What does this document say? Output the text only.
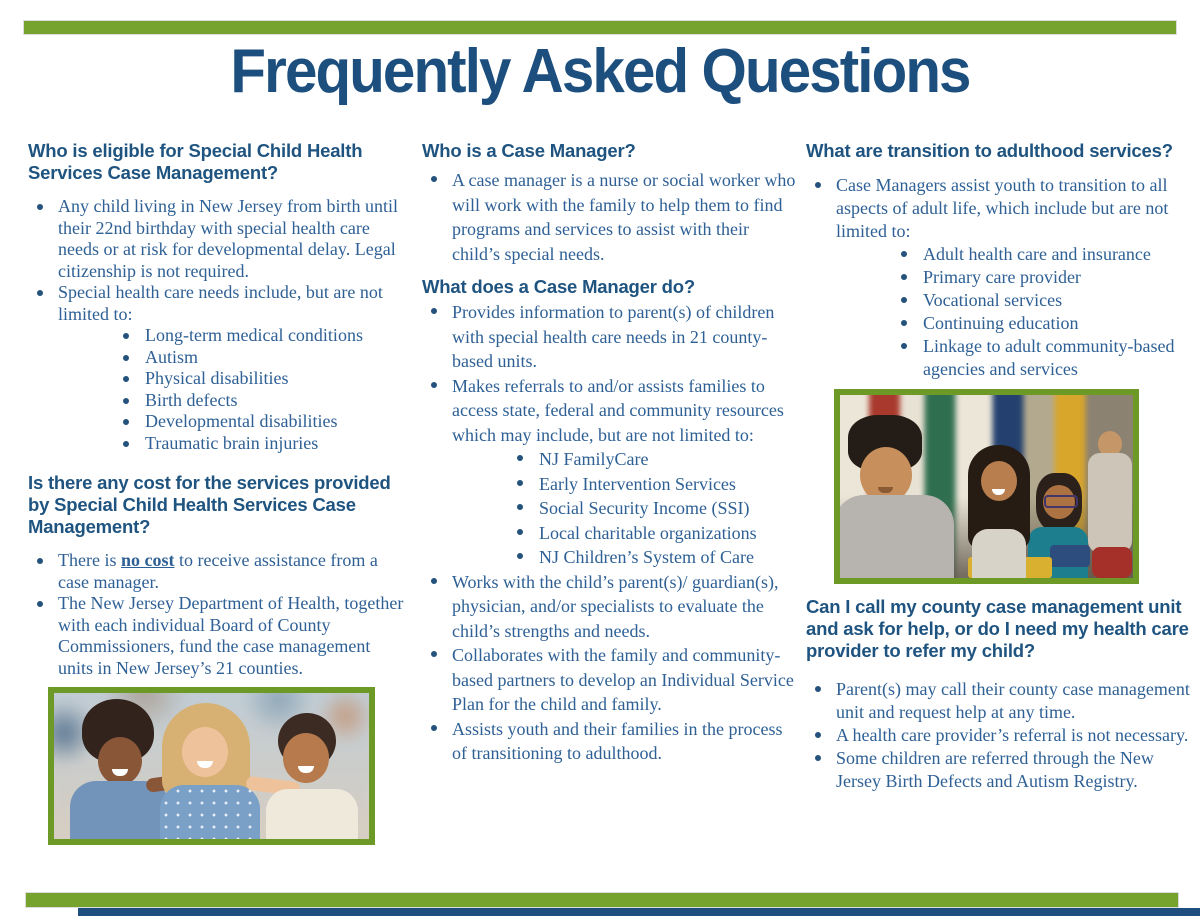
Frequently Asked Questions
Who is eligible for Special Child Health Services Case Management?
Any child living in New Jersey from birth until their 22nd birthday with special health care needs or at risk for developmental delay. Legal citizenship is not required.
Special health care needs include, but are not limited to:
Long-term medical conditions
Autism
Physical disabilities
Birth defects
Developmental disabilities
Traumatic brain injuries
Is there any cost for the services provided by Special Child Health Services Case Management?
There is no cost to receive assistance from a case manager.
The New Jersey Department of Health, together with each individual Board of County Commissioners, fund the case management units in New Jersey’s 21 counties.
Who is a Case Manager?
A case manager is a nurse or social worker who will work with the family to help them to find programs and services to assist with their child’s special needs.
What does a Case Manager do?
Provides information to parent(s) of children with special health care needs in 21 county-based units.
Makes referrals to and/or assists families to access state, federal and community resources which may include, but are not limited to:
NJ FamilyCare
Early Intervention Services
Social Security Income (SSI)
Local charitable organizations
NJ Children’s System of Care
Works with the child’s parent(s)/ guardian(s), physician, and/or specialists to evaluate the child’s strengths and needs.
Collaborates with the family and community-based partners to develop an Individual Service Plan for the child and family.
Assists youth and their families in the process of transitioning to adulthood.
What are transition to adulthood services?
Case Managers assist youth to transition to all aspects of adult life, which include but are not limited to:
Adult health care and insurance
Primary care provider
Vocational services
Continuing education
Linkage to adult community-based agencies and services
Can I call my county case management unit and ask for help, or do I need my health care provider to refer my child?
Parent(s) may call their county case management unit and request help at any time.
A health care provider’s referral is not necessary.
Some children are referred through the New Jersey Birth Defects and Autism Registry.
